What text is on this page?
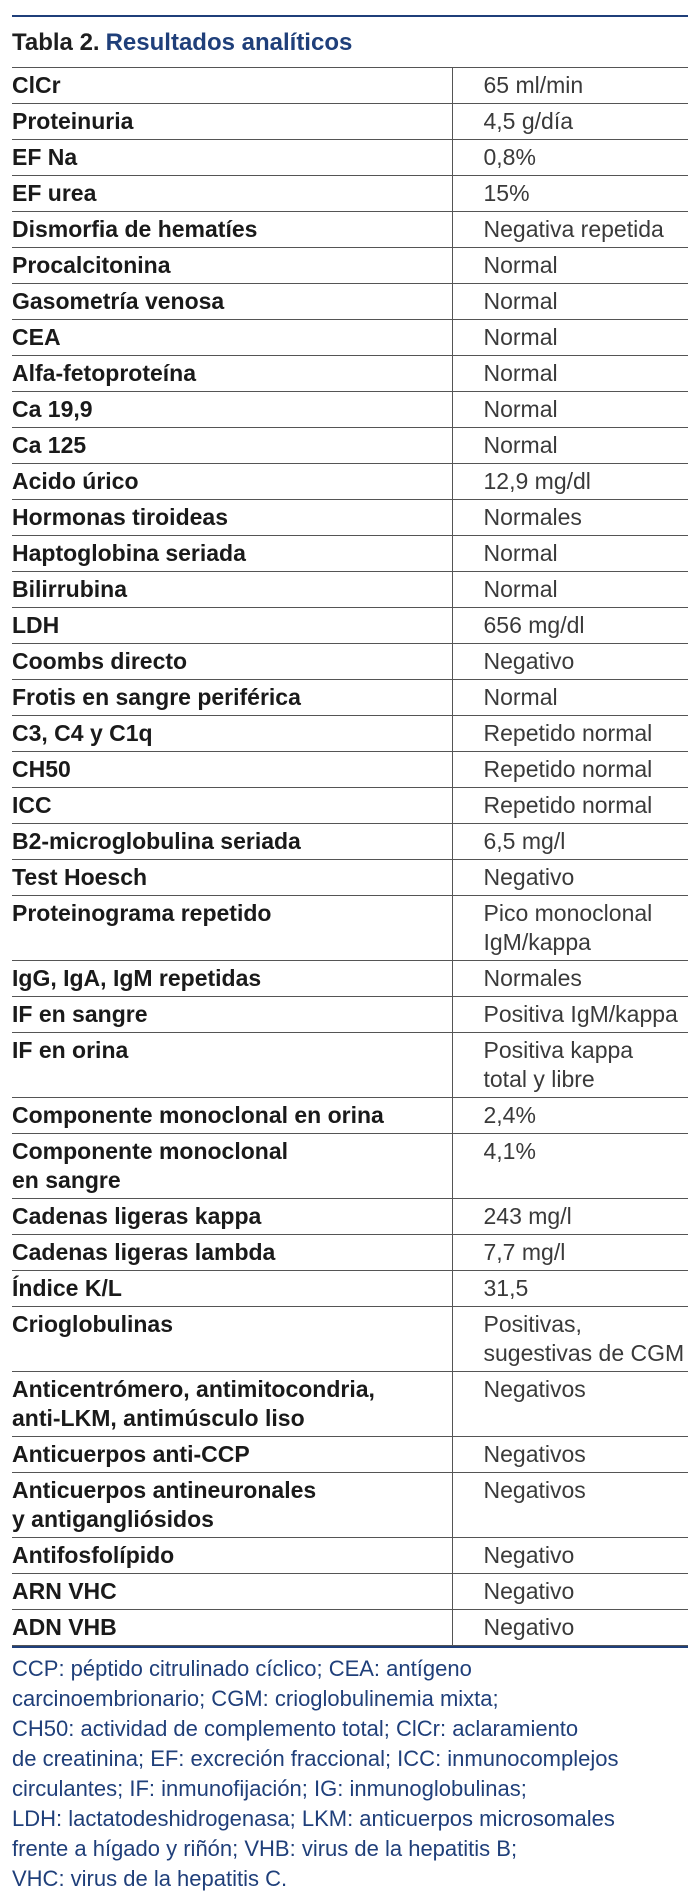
Tabla 2. Resultados analíticos
ClCr	65 ml/min
Proteinuria	4,5 g/día
EF Na	0,8%
EF urea	15%
Dismorfia de hematíes	Negativa repetida
Procalcitonina	Normal
Gasometría venosa	Normal
CEA	Normal
Alfa-fetoproteína	Normal
Ca 19,9	Normal
Ca 125	Normal
Acido úrico	12,9 mg/dl
Hormonas tiroideas	Normales
Haptoglobina seriada	Normal
Bilirrubina	Normal
LDH	656 mg/dl
Coombs directo	Negativo
Frotis en sangre periférica	Normal
C3, C4 y C1q	Repetido normal
CH50	Repetido normal
ICC	Repetido normal
B2-microglobulina seriada	6,5 mg/l
Test Hoesch	Negativo
Proteinograma repetido	Pico monoclonal
IgM/kappa
IgG, IgA, IgM repetidas	Normales
IF en sangre	Positiva IgM/kappa
IF en orina	Positiva kappa
total y libre
Componente monoclonal en orina	2,4%
Componente monoclonal
en sangre	4,1%
Cadenas ligeras kappa	243 mg/l
Cadenas ligeras lambda	7,7 mg/l
Índice K/L	31,5
Crioglobulinas	Positivas,
sugestivas de CGM
Anticentrómero, antimitocondria,
anti-LKM, antimúsculo liso	Negativos
Anticuerpos anti-CCP	Negativos
Anticuerpos antineuronales
y antigangliósidos	Negativos
Antifosfolípido	Negativo
ARN VHC	Negativo
ADN VHB	Negativo
CCP: péptido citrulinado cíclico; CEA: antígeno
carcinoembrionario; CGM: crioglobulinemia mixta;
CH50: actividad de complemento total; ClCr: aclaramiento
de creatinina; EF: excreción fraccional; ICC: inmunocomplejos
circulantes; IF: inmunofijación; IG: inmunoglobulinas;
LDH: lactatodeshidrogenasa; LKM: anticuerpos microsomales
frente a hígado y riñón; VHB: virus de la hepatitis B;
VHC: virus de la hepatitis C.
